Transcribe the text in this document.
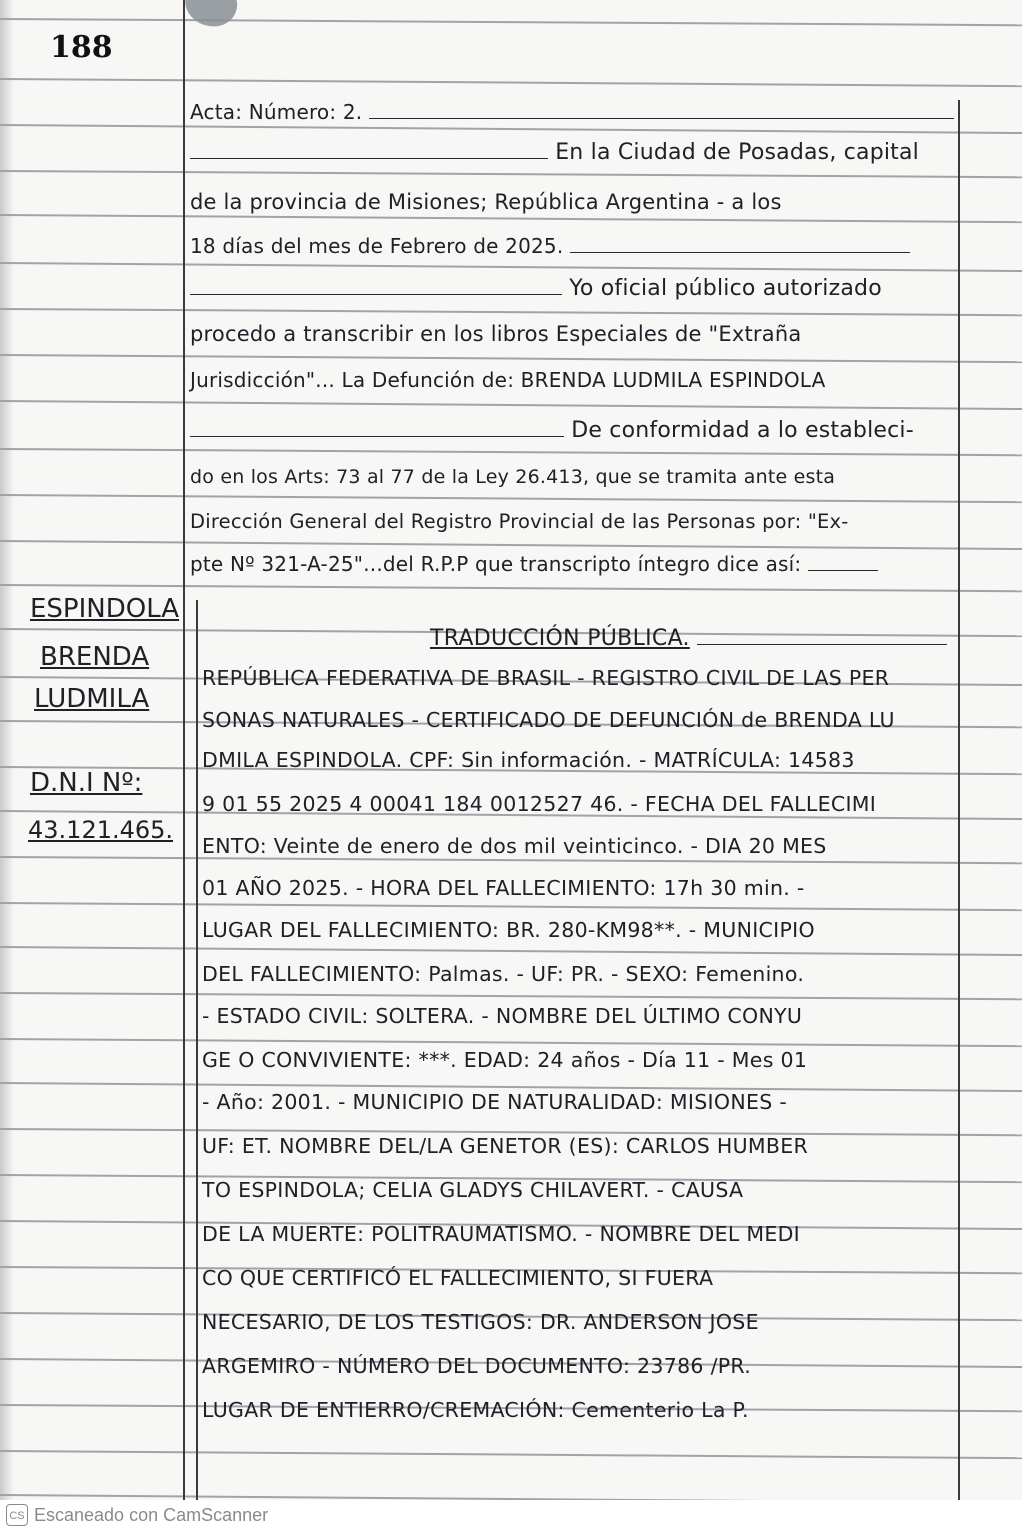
188
ESPINDOLA
BRENDA
LUDMILA
D.N.I Nº:
43.121.465.
Acta: Número: 2.
En la Ciudad de Posadas, capital
de la provincia de Misiones; República Argentina - a los
18 días del mes de Febrero de 2025.
Yo oficial público autorizado
procedo a transcribir en los libros Especiales de "Extraña
Jurisdicción"... La Defunción de: BRENDA LUDMILA ESPINDOLA
De conformidad a lo estableci-
do en los Arts: 73 al 77 de la Ley 26.413, que se tramita ante esta
Dirección General del Registro Provincial de las Personas por: "Ex-
pte Nº 321-A-25"...del R.P.P que transcripto íntegro dice así:
TRADUCCIÓN PÚBLICA.
REPÚBLICA FEDERATIVA DE BRASIL - REGISTRO CIVIL DE LAS PER
SONAS NATURALES - CERTIFICADO DE DEFUNCIÓN de BRENDA LU
DMILA ESPINDOLA. CPF: Sin información. - MATRÍCULA: 14583
9 01 55 2025 4 00041 184 0012527 46. - FECHA DEL FALLECIMI
ENTO: Veinte de enero de dos mil veinticinco. - DIA 20 MES
01 AÑO 2025. - HORA DEL FALLECIMIENTO: 17h 30 min. -
LUGAR DEL FALLECIMIENTO: BR. 280-KM98**. - MUNICIPIO
DEL FALLECIMIENTO: Palmas. - UF: PR. - SEXO: Femenino.
- ESTADO CIVIL: SOLTERA. - NOMBRE DEL ÚLTIMO CONYU
GE O CONVIVIENTE: ***. EDAD: 24 años - Día 11 - Mes 01
- Año: 2001. - MUNICIPIO DE NATURALIDAD: MISIONES -
UF: ET. NOMBRE DEL/LA GENETOR (ES): CARLOS HUMBER
TO ESPINDOLA; CELIA GLADYS CHILAVERT. - CAUSA
DE LA MUERTE: POLITRAUMATISMO. - NOMBRE DEL MEDI
CO QUE CERTIFICÓ EL FALLECIMIENTO, SI FUERA
NECESARIO, DE LOS TESTIGOS: DR. ANDERSON JOSE
ARGEMIRO - NÚMERO DEL DOCUMENTO: 23786 /PR.
LUGAR DE ENTIERRO/CREMACIÓN: Cementerio La P.
CS Escaneado con CamScanner
